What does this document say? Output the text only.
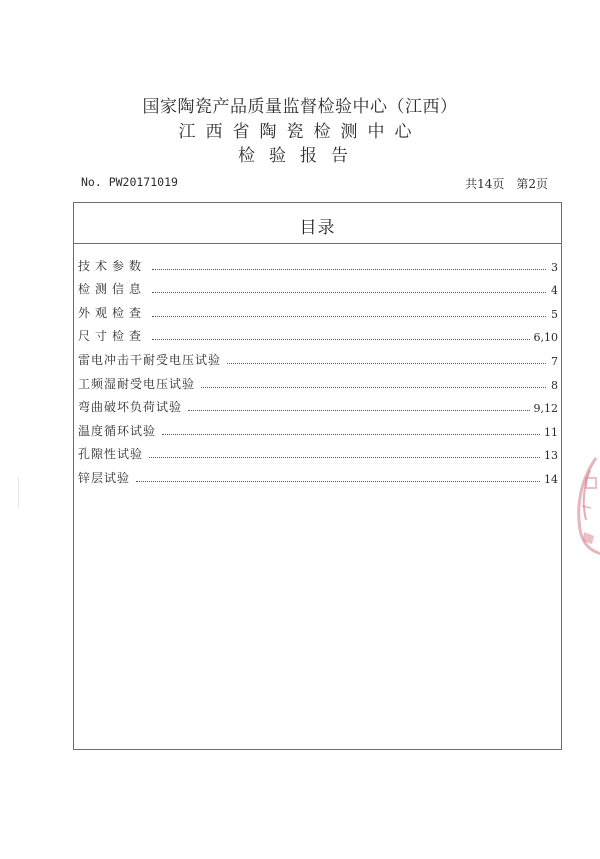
国家陶瓷产品质量监督检验中心（江西）
江西省陶瓷检测中心
检验报告
No. PW20171019	共14页 第2页
目录
技术参数	3
检测信息	4
外观检查	5
尺寸检查	6,10
雷电冲击干耐受电压试验	7
工频湿耐受电压试验	8
弯曲破坏负荷试验	9,12
温度循环试验	11
孔隙性试验	13
锌层试验	14
